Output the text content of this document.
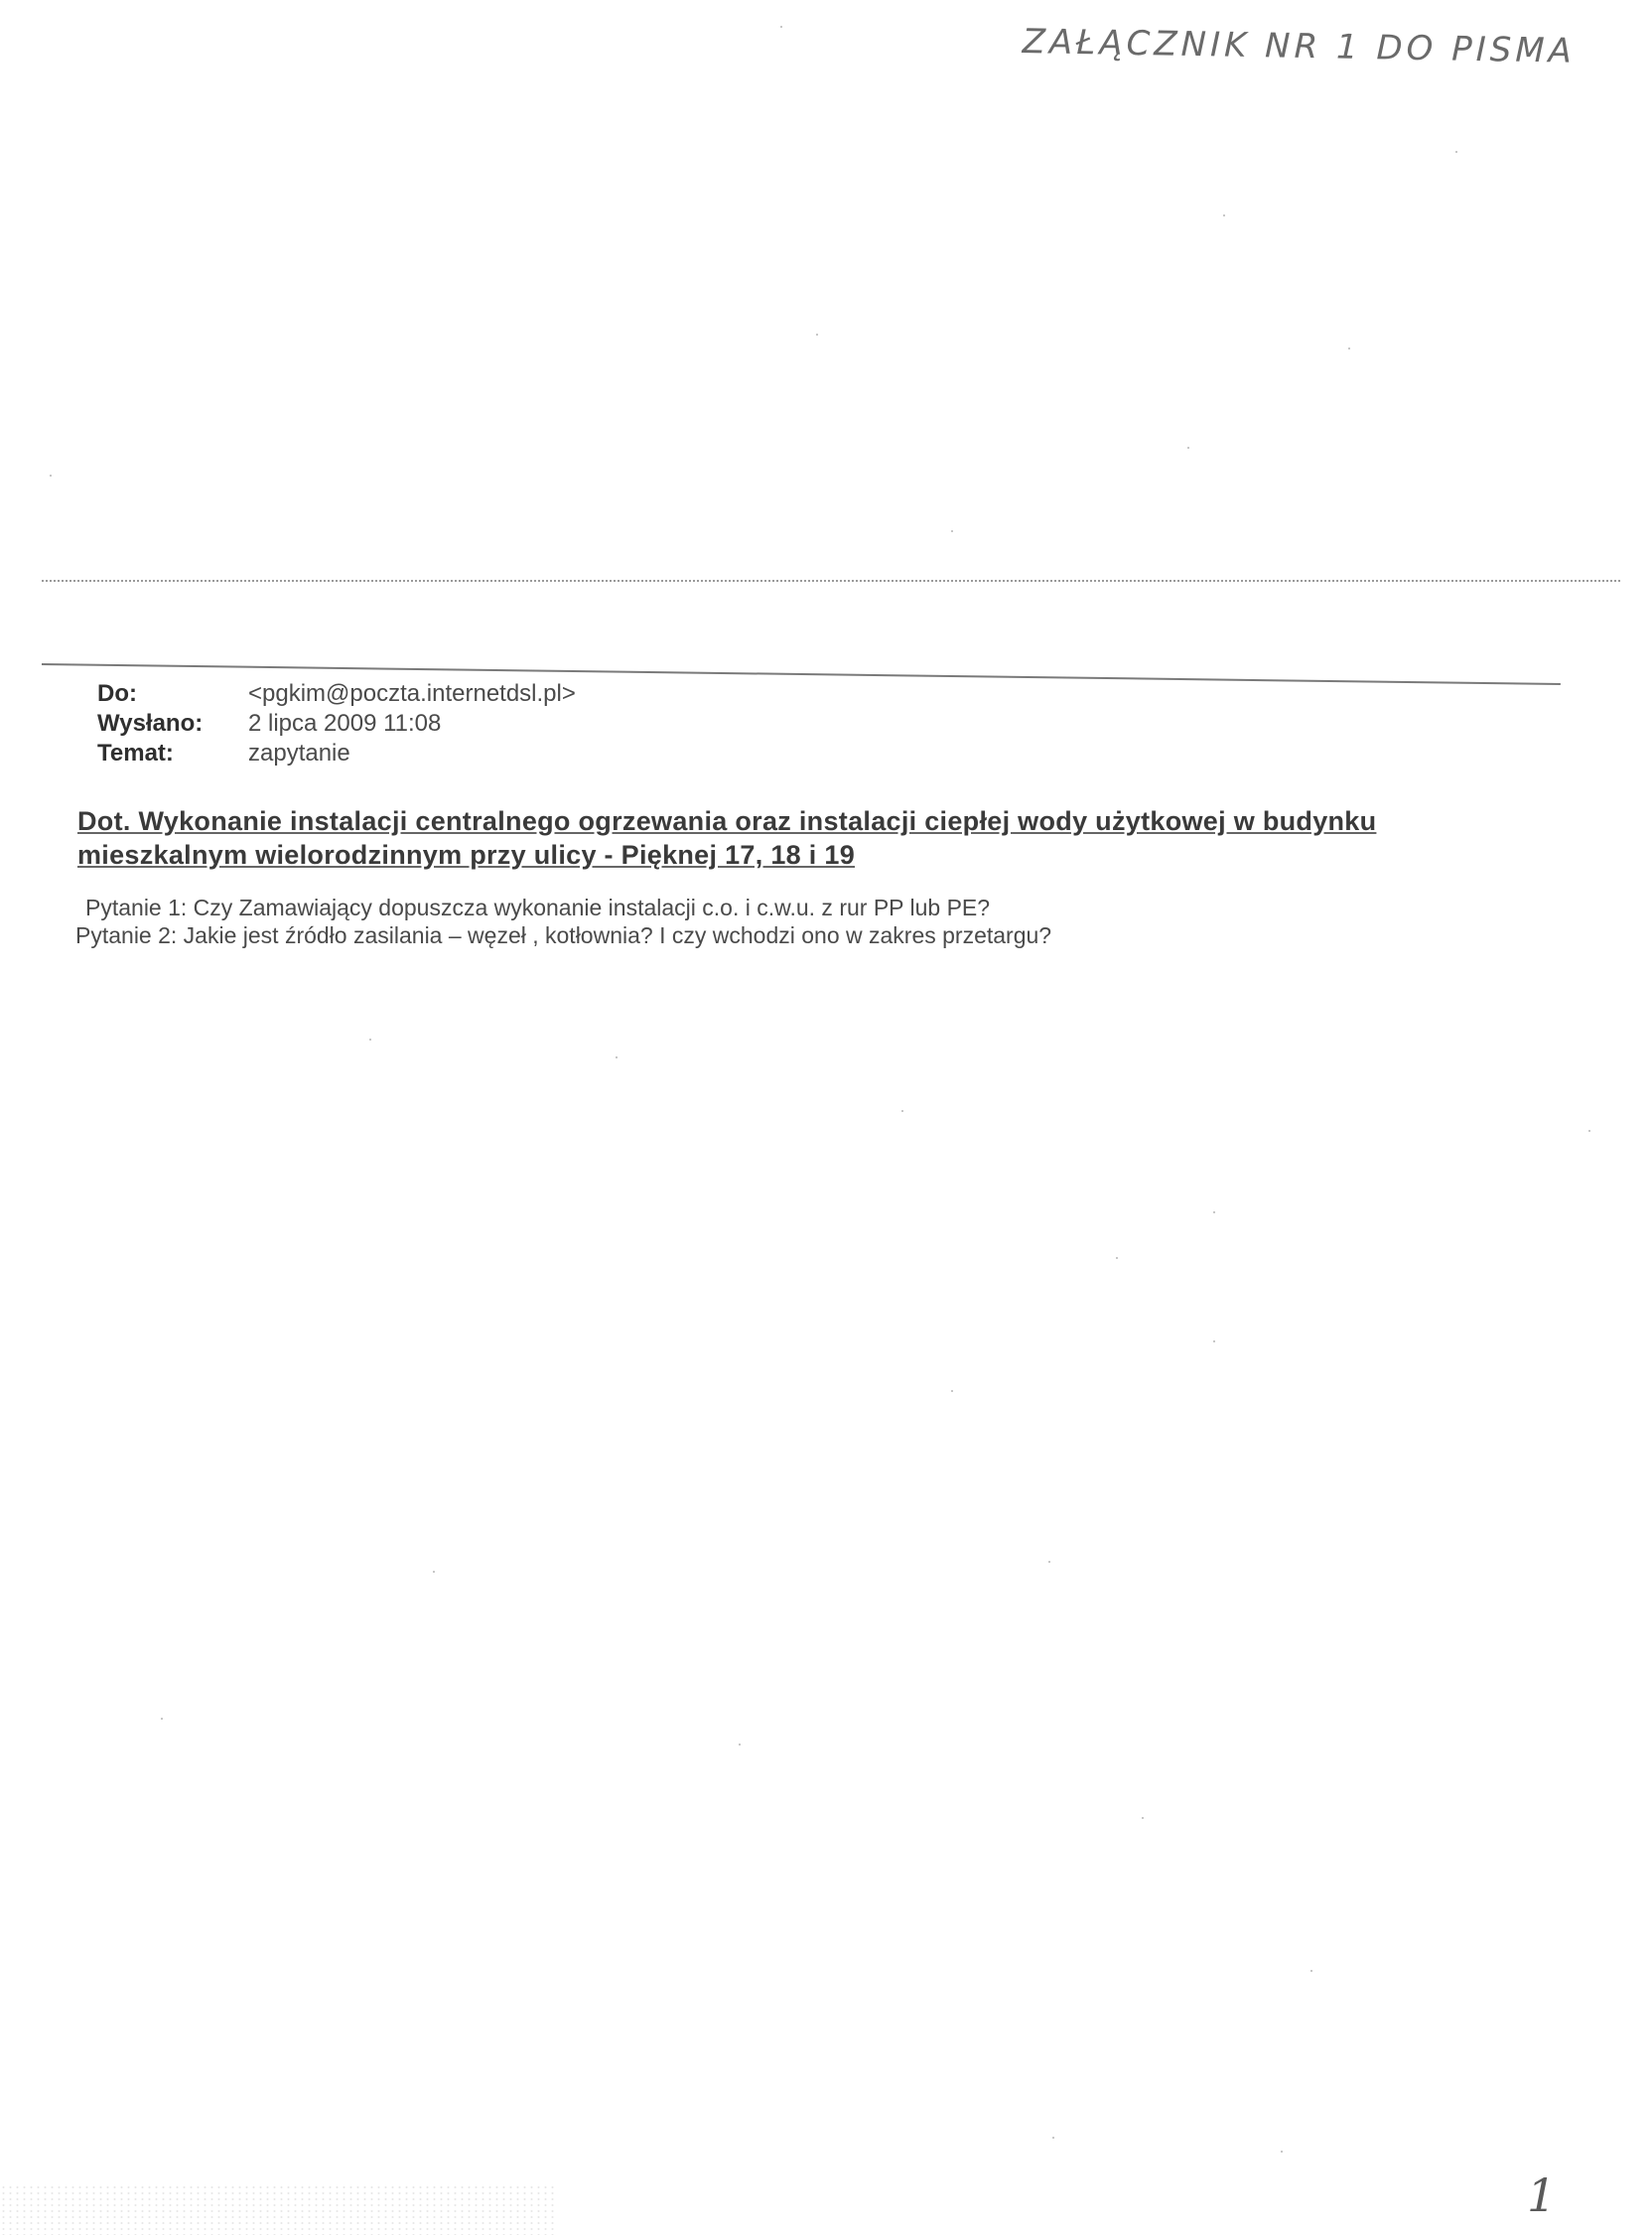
ZAŁĄCZNIK NR 1 DO PISMA
Do:	<pgkim@poczta.internetdsl.pl>
Wysłano:	2 lipca 2009 11:08
Temat:	zapytanie
Dot. Wykonanie instalacji centralnego ogrzewania oraz instalacji ciepłej wody użytkowej w budynku mieszkalnym wielorodzinnym przy ulicy - Pięknej 17, 18 i 19
Pytanie 1: Czy Zamawiający dopuszcza wykonanie instalacji c.o. i c.w.u. z rur PP lub PE?
Pytanie 2: Jakie jest źródło zasilania – węzeł , kotłownia? I czy wchodzi ono w zakres przetargu?
1
